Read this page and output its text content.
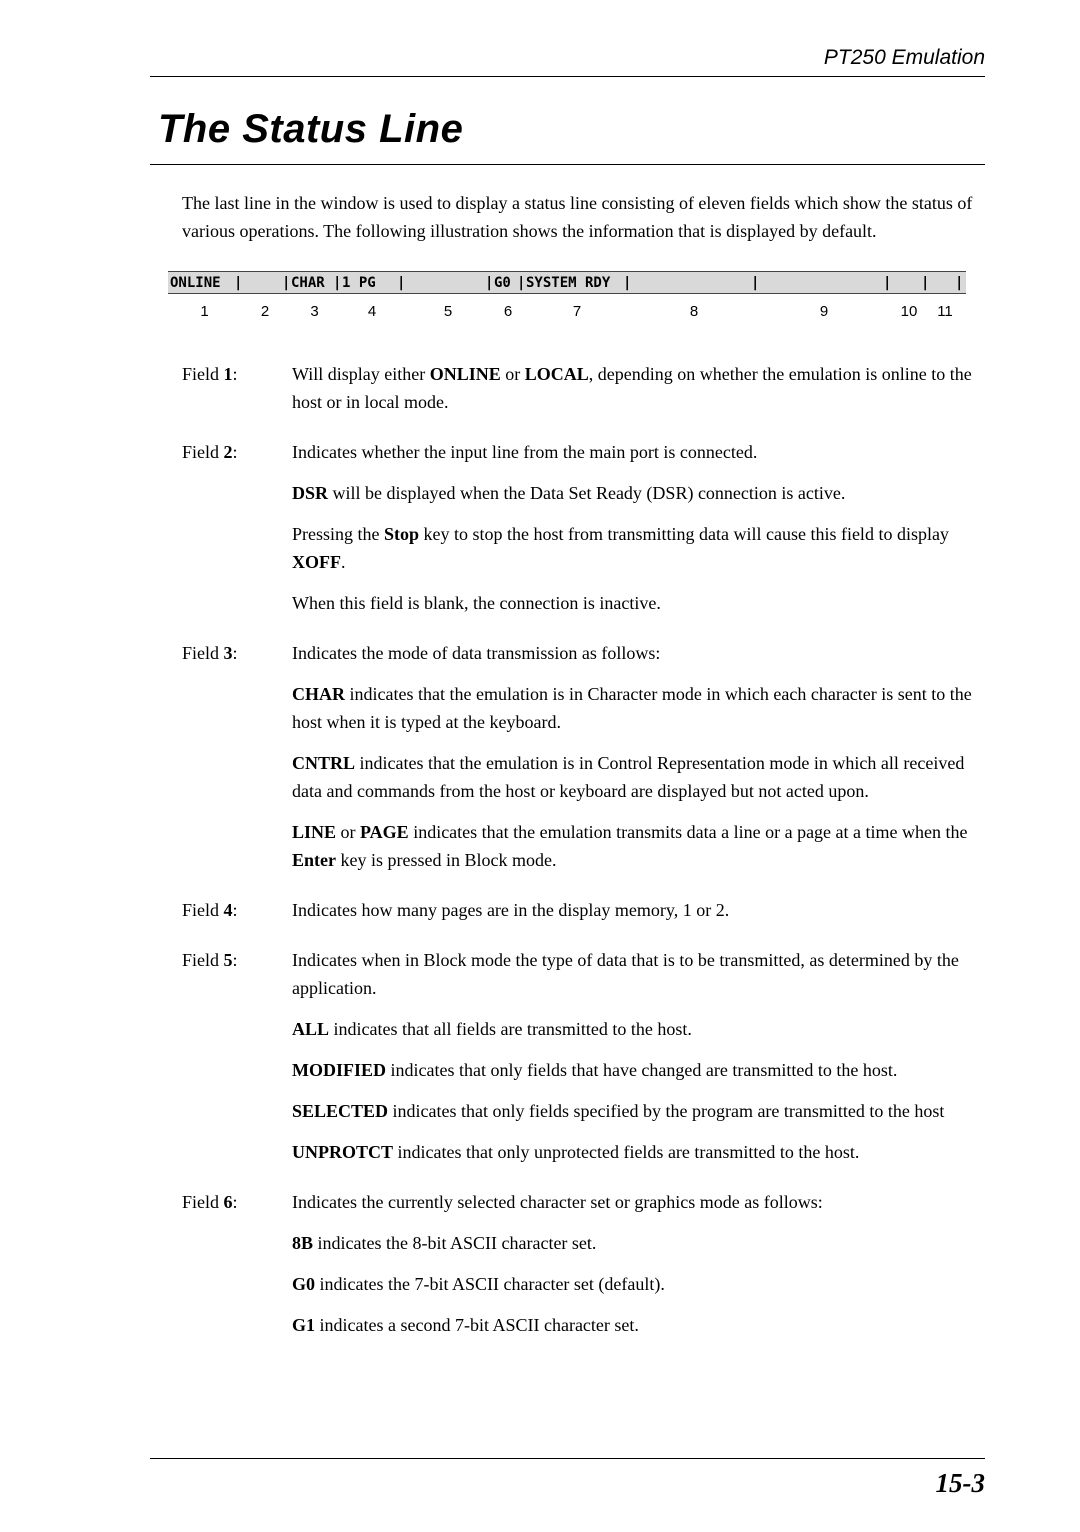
PT250 Emulation
The Status Line

The last line in the window is used to display a status line consisting of eleven fields which show the status of various operations. The following illustration shows the information that is displayed by default.

ONLINE |	| CHAR | 1 PG	|	| G0 | SYSTEM RDY |	|	| | |
1	2	3	4	5	6	7	8	9	10	11
Field 1:	Will display either ONLINE or LOCAL, depending on whether the emulation is online to the host or in local mode.
Field 2:	Indicates whether the input line from the main port is connected.
DSR will be displayed when the Data Set Ready (DSR) connection is active.
Pressing the Stop key to stop the host from transmitting data will cause this field to display XOFF.
When this field is blank, the connection is inactive.
Field 3:	Indicates the mode of data transmission as follows:
CHAR indicates that the emulation is in Character mode in which each character is sent to the host when it is typed at the keyboard.
CNTRL indicates that the emulation is in Control Representation mode in which all received data and commands from the host or keyboard are displayed but not acted upon.
LINE or PAGE indicates that the emulation transmits data a line or a page at a time when the Enter key is pressed in Block mode.
Field 4:	Indicates how many pages are in the display memory, 1 or 2.
Field 5:	Indicates when in Block mode the type of data that is to be transmitted, as determined by the application.
ALL indicates that all fields are transmitted to the host.
MODIFIED indicates that only fields that have changed are transmitted to the host.
SELECTED indicates that only fields specified by the program are transmitted to the host
UNPROTCT indicates that only unprotected fields are transmitted to the host.
Field 6:	Indicates the currently selected character set or graphics mode as follows:
8B indicates the 8-bit ASCII character set.
G0 indicates the 7-bit ASCII character set (default).
G1 indicates a second 7-bit ASCII character set.
15-3
